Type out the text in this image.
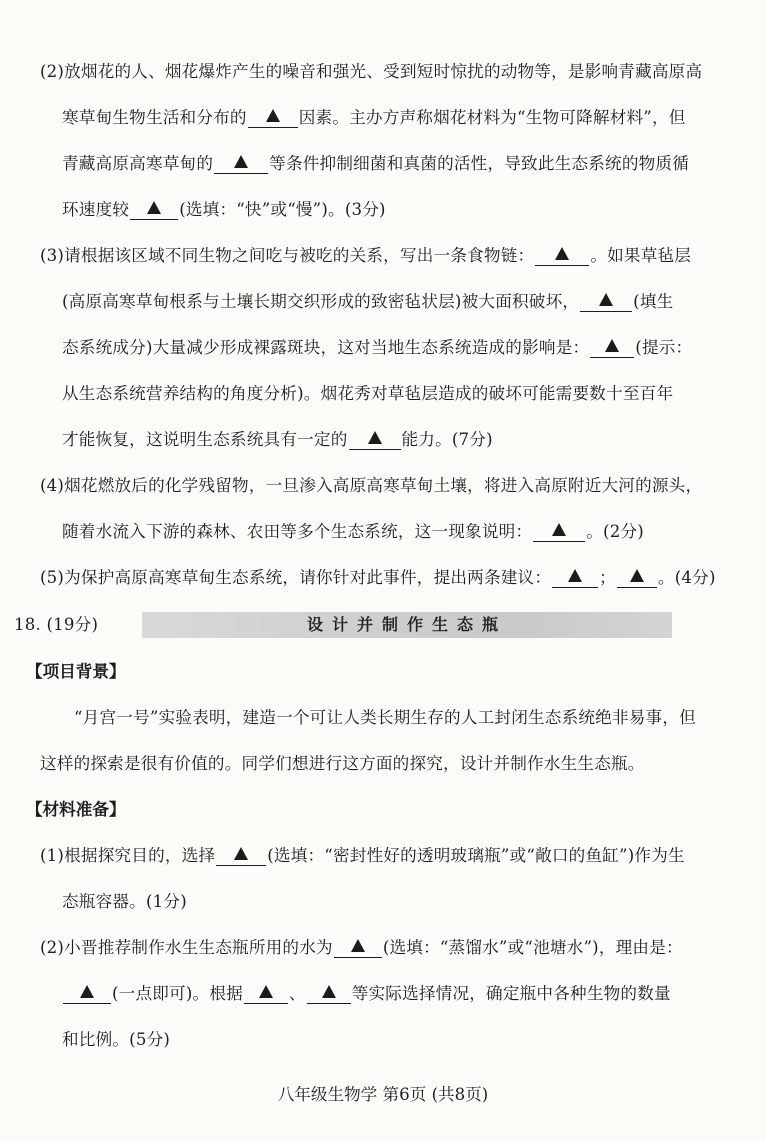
(2)放烟花的人、烟花爆炸产生的噪音和强光、受到短时惊扰的动物等，是影响青藏高原高
寒草甸生物生活和分布的	因素。主办方声称烟花材料为“生物可降解材料”，但
青藏高原高寒草甸的	等条件抑制细菌和真菌的活性，导致此生态系统的物质循
环速度较	(选填：“快”或“慢”)。(3分)
(3)请根据该区域不同生物之间吃与被吃的关系，写出一条食物链：	。如果草毡层
(高原高寒草甸根系与土壤长期交织形成的致密毡状层)被大面积破坏，	(填生
态系统成分)大量减少形成裸露斑块，这对当地生态系统造成的影响是：	(提示：
从生态系统营养结构的角度分析)。烟花秀对草毡层造成的破坏可能需要数十至百年
才能恢复，这说明生态系统具有一定的	能力。(7分)
(4)烟花燃放后的化学残留物，一旦渗入高原高寒草甸土壤，将进入高原附近大河的源头，
随着水流入下游的森林、农田等多个生态系统，这一现象说明：	。(2分)
(5)为保护高原高寒草甸生态系统，请你针对此事件，提出两条建议：	；	。(4分)
18. (19分)	设计并制作生态瓶
【项目背景】
“月宫一号”实验表明，建造一个可让人类长期生存的人工封闭生态系统绝非易事，但
这样的探索是很有价值的。同学们想进行这方面的探究，设计并制作水生生态瓶。
【材料准备】
(1)根据探究目的，选择	(选填：“密封性好的透明玻璃瓶”或“敞口的鱼缸”)作为生
态瓶容器。(1分)
(2)小晋推荐制作水生生态瓶所用的水为	(选填：“蒸馏水”或“池塘水”)，理由是：
(一点即可)。根据	、	等实际选择情况，确定瓶中各种生物的数量
和比例。(5分)
八年级生物学 第6页 (共8页)
